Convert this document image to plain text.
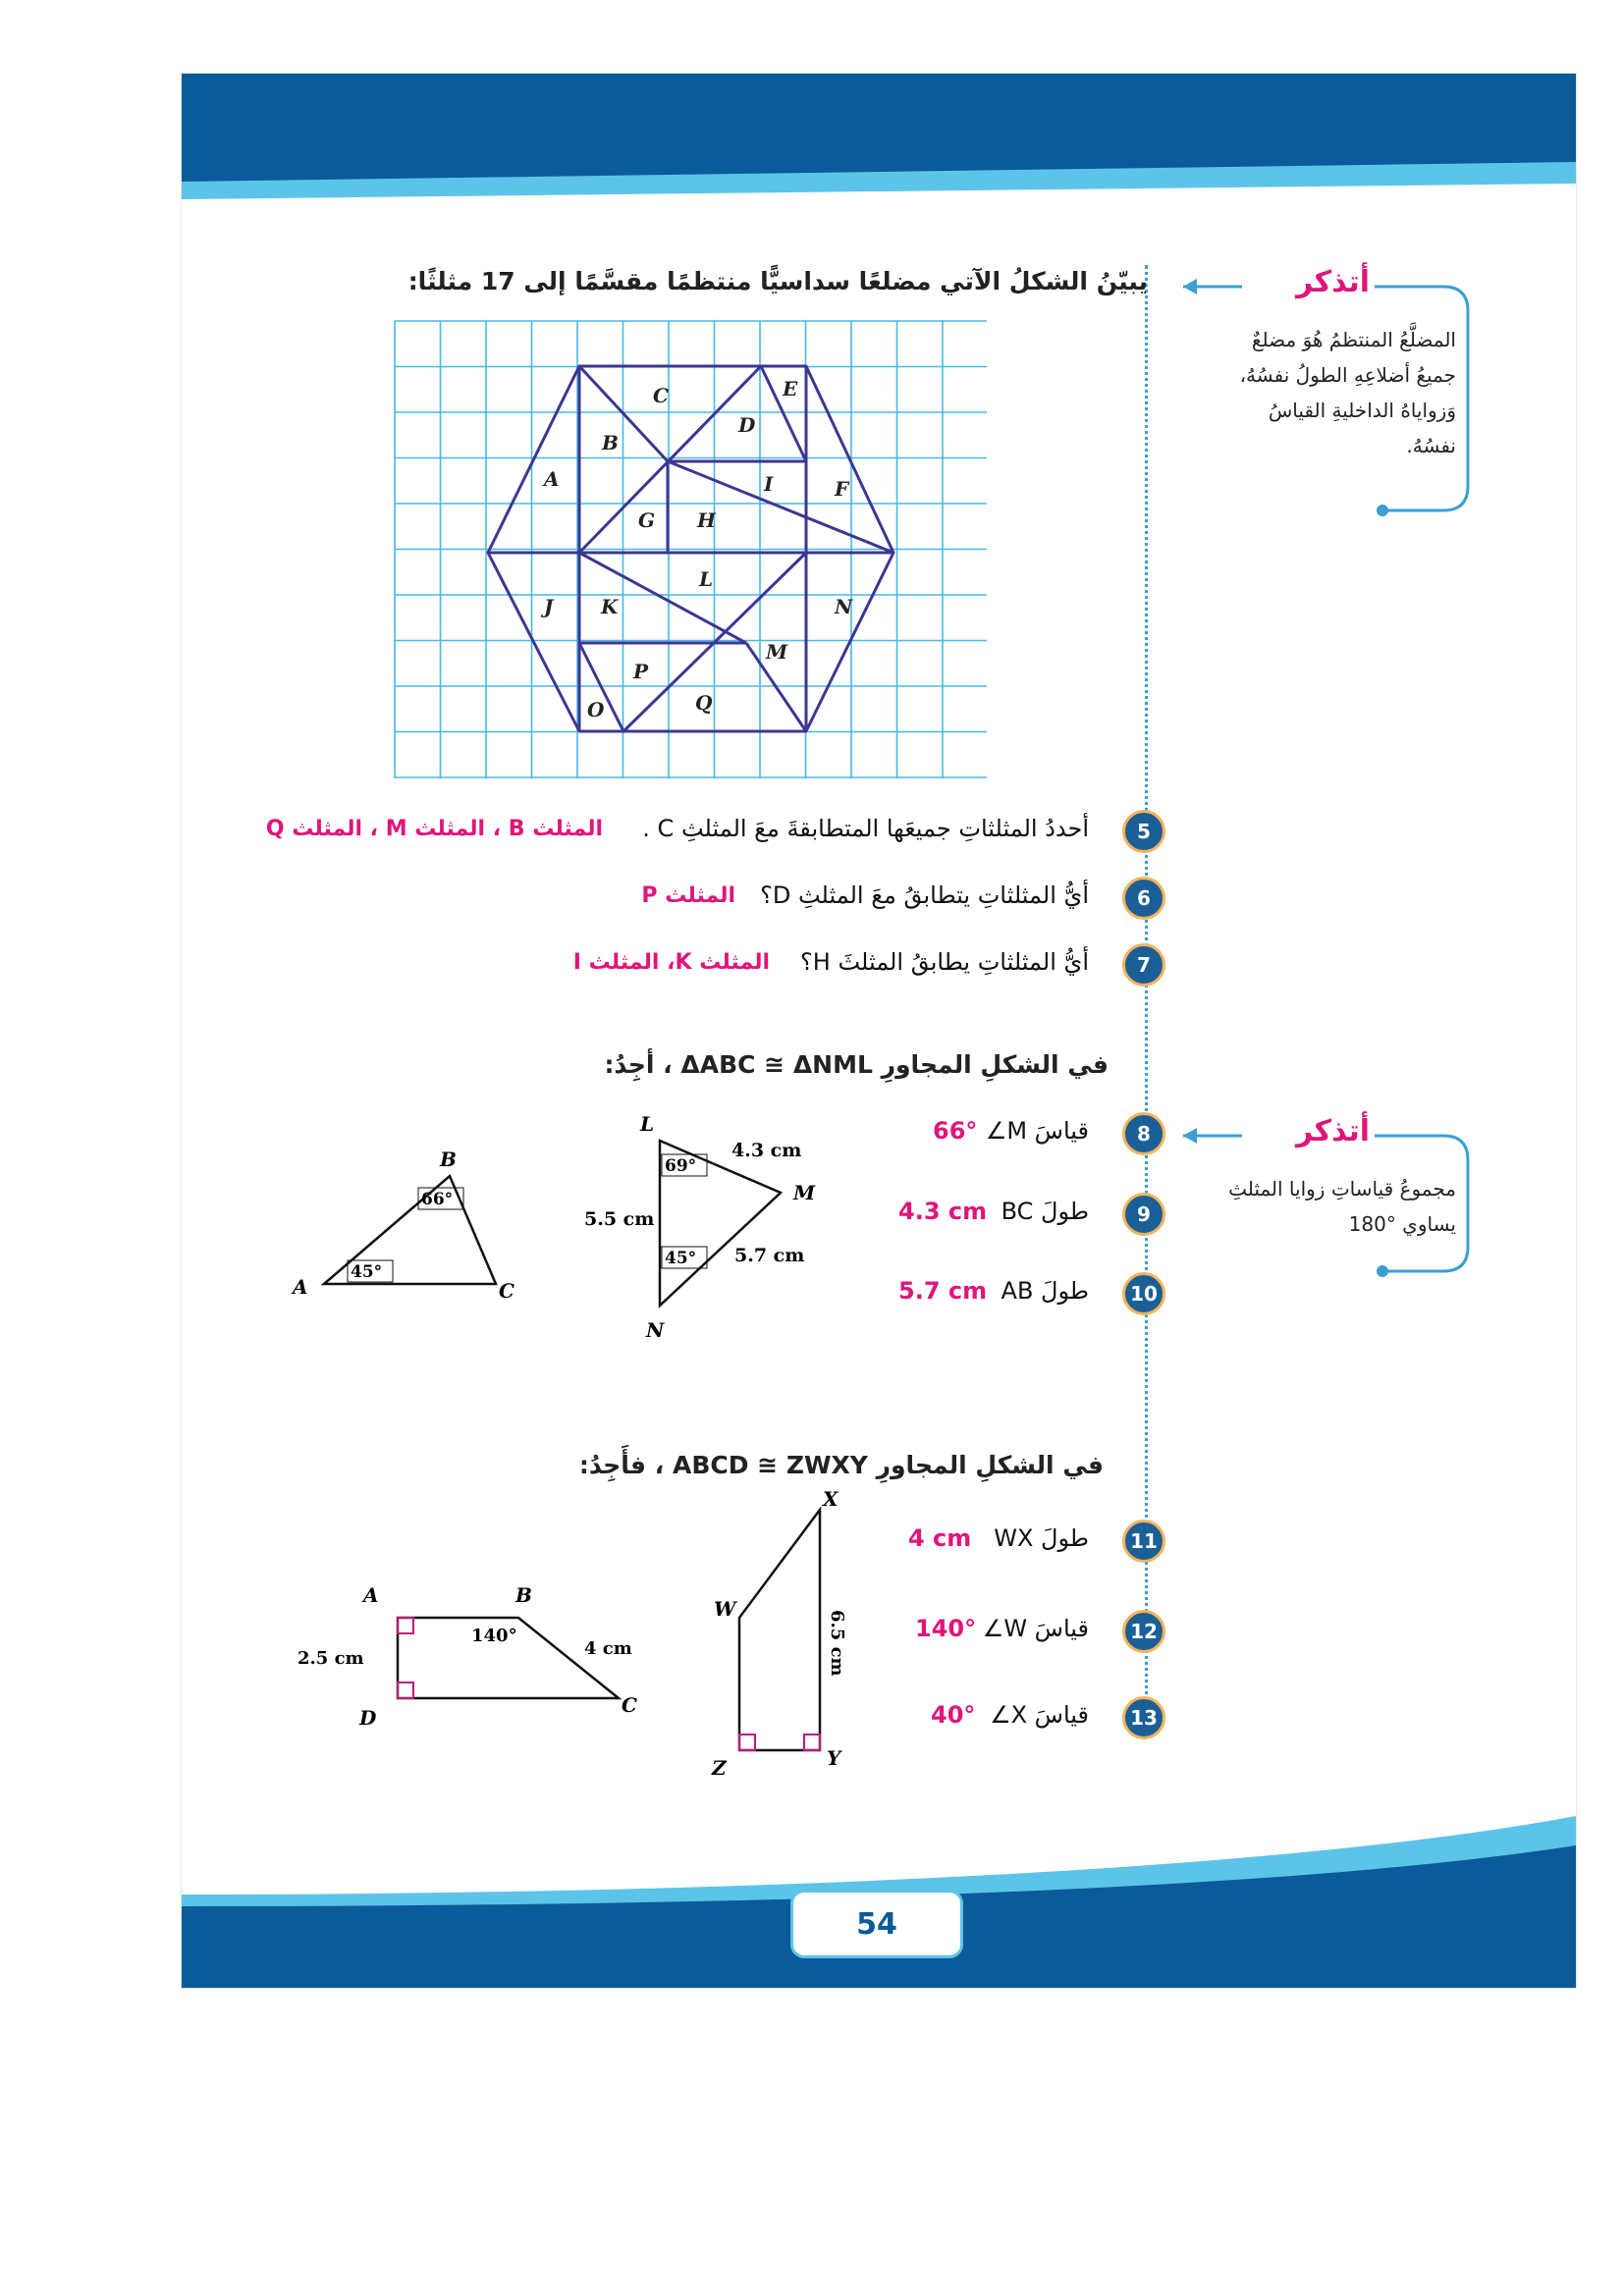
54
أتذكر
المضلَّعُ المنتظمُ هُوَ مضلعٌ
جميعُ أضلاعِهِ الطولُ نفسُهُ،
وَزواياهُ الداخليةِ القياسُ
نفسُهُ.
أتذكر
مجموعُ قياساتِ زوايا المثلثِ
يساوي °180
يبيّنُ الشكلُ الآتي مضلعًا سداسيًّا منتظمًا مقسَّمًا إلى 17 مثلثًا:
A
B
C
D
E
F
G H
I
J K
L
M
N
O
P
Q
5
أحددُ المثلثاتِ جميعَها المتطابقةَ معَ المثلثِ C .
المثلث B ، المثلث M ، المثلث Q
6
أيُّ المثلثاتِ يتطابقُ معَ المثلثِ D؟
المثلث P
7
أيُّ المثلثاتِ يطابقُ المثلثَ H؟
المثلث K، المثلث I
في الشكلِ المجاورِ ΔABC ≅ ΔNML ، أجِدُ:
A
B
C
45°
66°
L
M
N
4.3 cm
5.5 cm
5.7 cm
69°
45°
8
قياسَ M∠
66°
9
طولَ BC
4.3 cm
10
طولَ AB
5.7 cm
في الشكلِ المجاورِ ABCD ≅ ZWXY ، فأَجِدُ:
A	B
C
D
140°
2.5 cm	4 cm
X
W
Z	Y
6.5 cm
11
طولَ WX
4 cm
12
قياسَ W∠
140°
13
قياسَ X∠
40°
